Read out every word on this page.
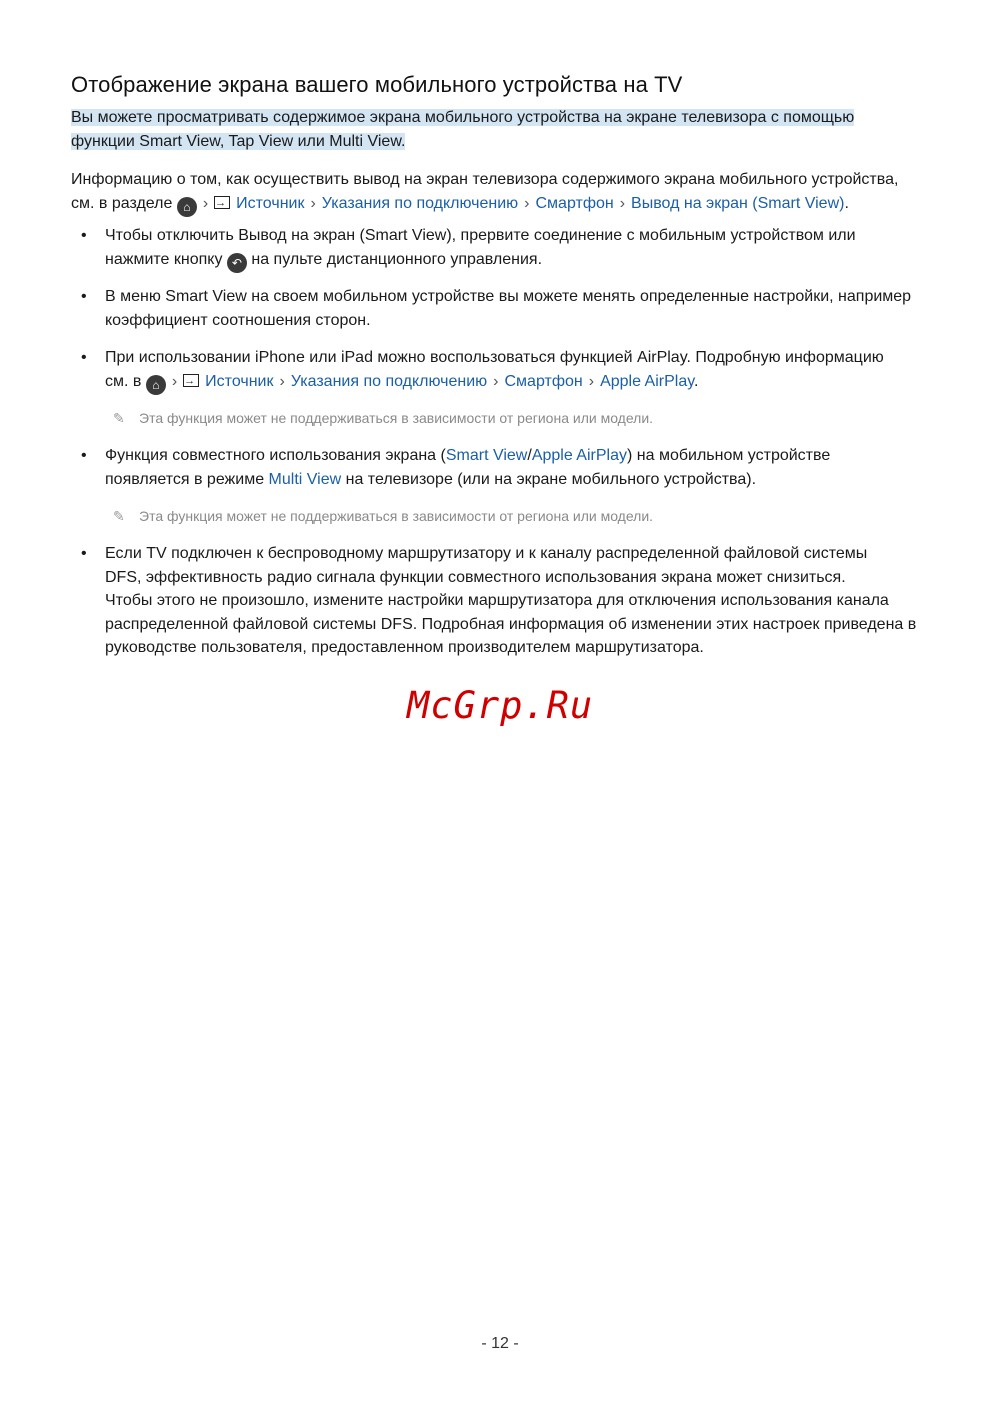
Отображение экрана вашего мобильного устройства на TV
Вы можете просматривать содержимое экрана мобильного устройства на экране телевизора с помощью
функции Smart View, Tap View или Multi View.
Информацию о том, как осуществить вывод на экран телевизора содержимого экрана мобильного устройства,
см. в разделе ⌂ › → Источник › Указания по подключению › Смартфон › Вывод на экран (Smart View).
• Чтобы отключить Вывод на экран (Smart View), прервите соединение с мобильным устройством или
нажмите кнопку ↶ на пульте дистанционного управления.
• В меню Smart View на своем мобильном устройстве вы можете менять определенные настройки, например
коэффициент соотношения сторон.
• При использовании iPhone или iPad можно воспользоваться функцией AirPlay. Подробную информацию
см. в ⌂ › → Источник › Указания по подключению › Смартфон › Apple AirPlay.
✎ Эта функция может не поддерживаться в зависимости от региона или модели.
• Функция совместного использования экрана (Smart View/Apple AirPlay) на мобильном устройстве
появляется в режиме Multi View на телевизоре (или на экране мобильного устройства).
✎ Эта функция может не поддерживаться в зависимости от региона или модели.
• Если TV подключен к беспроводному маршрутизатору и к каналу распределенной файловой системы
DFS, эффективность радио сигнала функции совместного использования экрана может снизиться.
Чтобы этого не произошло, измените настройки маршрутизатора для отключения использования канала
распределенной файловой системы DFS. Подробная информация об изменении этих настроек приведена в
руководстве пользователя, предоставленном производителем маршрутизатора.
McGrp.Ru
- 12 -
